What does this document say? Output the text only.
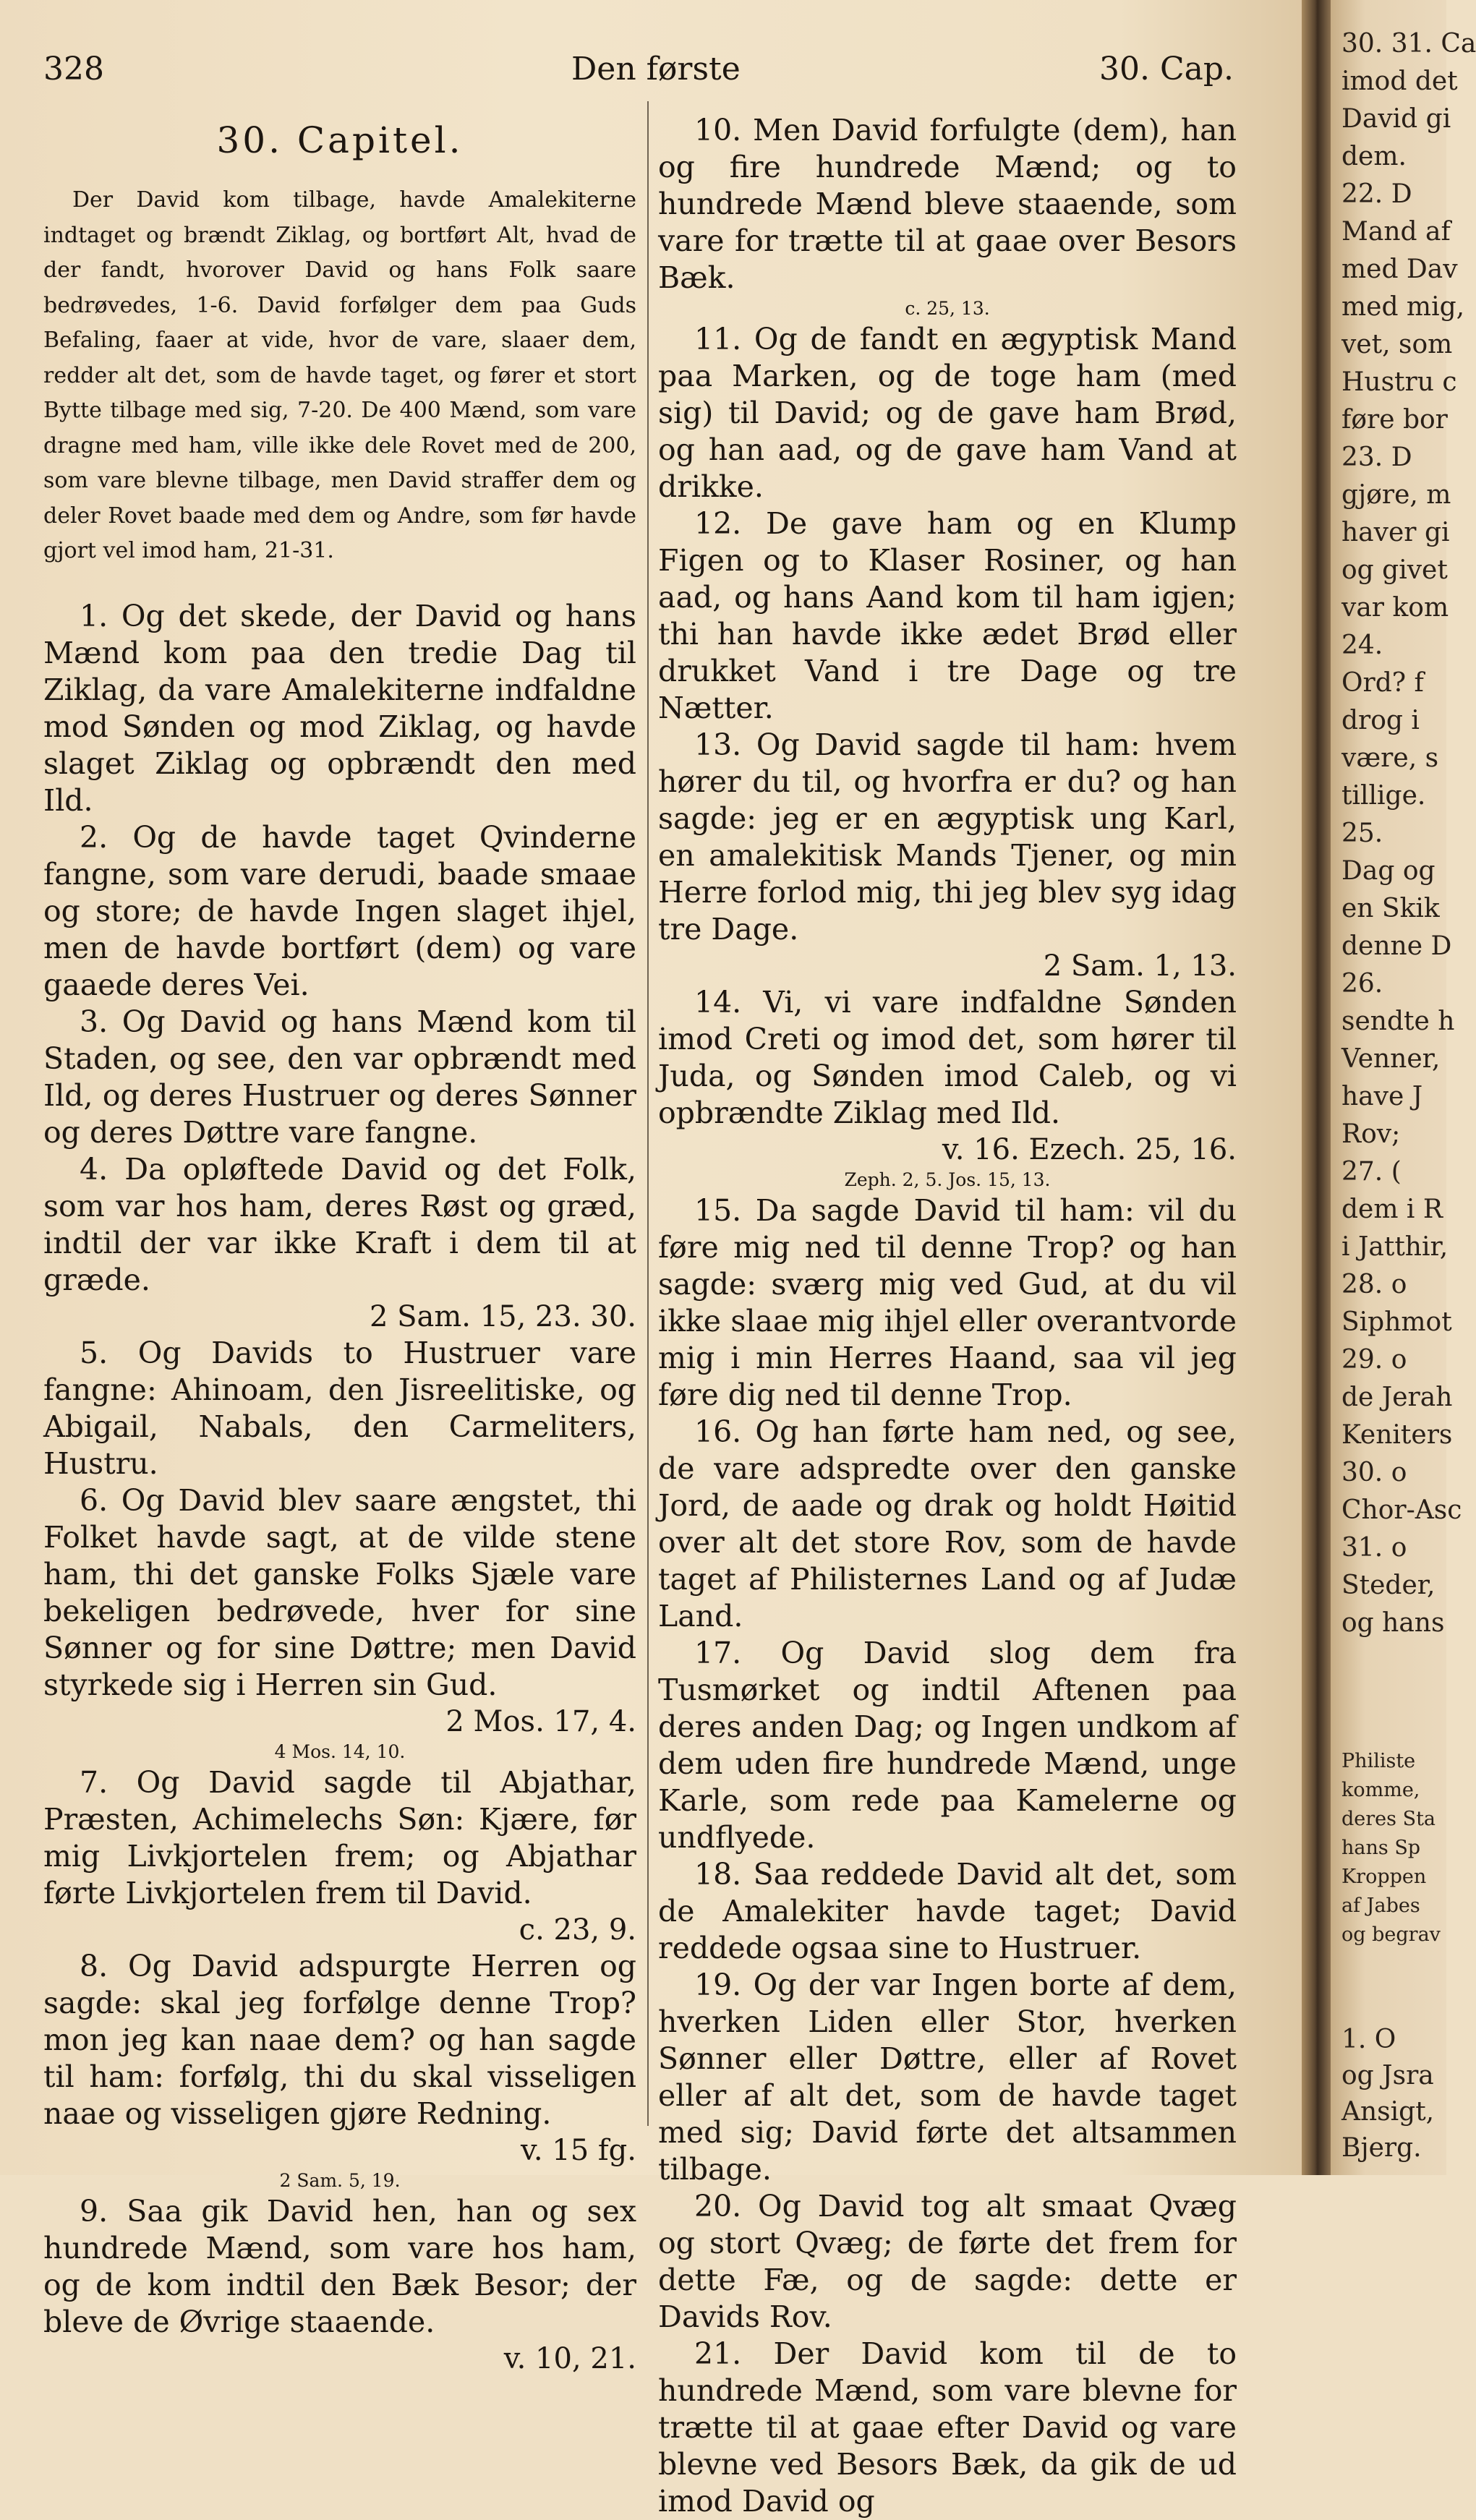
328	Den første	30. Cap.
30. Capitel.
Der David kom tilbage, havde Amalekiterne indtaget og brændt Ziklag, og bortført Alt, hvad de der fandt, hvorover David og hans Folk saare bedrøvedes, 1-6. David forfølger dem paa Guds Befaling, faaer at vide, hvor de vare, slaaer dem, redder alt det, som de havde taget, og fører et stort Bytte tilbage med sig, 7-20. De 400 Mænd, som vare dragne med ham, ville ikke dele Rovet med de 200, som vare blevne tilbage, men David straffer dem og deler Rovet baade med dem og Andre, som før havde gjort vel imod ham, 21-31.

1. Og det skede, der David og hans Mænd kom paa den tredie Dag til Ziklag, da vare Amalekiterne indfaldne mod Sønden og mod Ziklag, og havde slaget Ziklag og opbrændt den med Ild.

2. Og de havde taget Qvinderne fangne, som vare derudi, baade smaae og store; de havde Ingen slaget ihjel, men de havde bortført (dem) og vare gaaede deres Vei.

3. Og David og hans Mænd kom til Staden, og see, den var opbrændt med Ild, og deres Hustruer og deres Sønner og deres Døttre vare fangne.

4. Da opløftede David og det Folk, som var hos ham, deres Røst og græd, indtil der var ikke Kraft i dem til at græde.

2 Sam. 15, 23. 30.

5. Og Davids to Hustruer vare fangne: Ahinoam, den Jisreelitiske, og Abigail, Nabals, den Carmeliters, Hustru.

6. Og David blev saare ængstet, thi Folket havde sagt, at de vilde stene ham, thi det ganske Folks Sjæle vare bekeligen bedrøvede, hver for sine Sønner og for sine Døttre; men David styrkede sig i Herren sin Gud.

2 Mos. 17, 4.

4 Mos. 14, 10.

7. Og David sagde til Abjathar, Præsten, Achimelechs Søn: Kjære, før mig Livkjortelen frem; og Abjathar førte Livkjortelen frem til David.

c. 23, 9.

8. Og David adspurgte Herren og sagde: skal jeg forfølge denne Trop? mon jeg kan naae dem? og han sagde til ham: forfølg, thi du skal visseligen naae og visseligen gjøre Redning.

v. 15 fg.

2 Sam. 5, 19.

9. Saa gik David hen, han og sex hundrede Mænd, som vare hos ham, og de kom indtil den Bæk Besor; der bleve de Øvrige staaende.

v. 10, 21.

10. Men David forfulgte (dem), han og fire hundrede Mænd; og to hundrede Mænd bleve staaende, som vare for trætte til at gaae over Besors Bæk.

c. 25, 13.

11. Og de fandt en ægyptisk Mand paa Marken, og de toge ham (med sig) til David; og de gave ham Brød, og han aad, og de gave ham Vand at drikke.

12. De gave ham og en Klump Figen og to Klaser Rosiner, og han aad, og hans Aand kom til ham igjen; thi han havde ikke ædet Brød eller drukket Vand i tre Dage og tre Nætter.

13. Og David sagde til ham: hvem hører du til, og hvorfra er du? og han sagde: jeg er en ægyptisk ung Karl, en amalekitisk Mands Tjener, og min Herre forlod mig, thi jeg blev syg idag tre Dage.

2 Sam. 1, 13.

14. Vi, vi vare indfaldne Sønden imod Creti og imod det, som hører til Juda, og Sønden imod Caleb, og vi opbrændte Ziklag med Ild.

v. 16. Ezech. 25, 16.

Zeph. 2, 5. Jos. 15, 13.

15. Da sagde David til ham: vil du føre mig ned til denne Trop? og han sagde: sværg mig ved Gud, at du vil ikke slaae mig ihjel eller overantvorde mig i min Herres Haand, saa vil jeg føre dig ned til denne Trop.

16. Og han førte ham ned, og see, de vare adspredte over den ganske Jord, de aade og drak og holdt Høitid over alt det store Rov, som de havde taget af Philisternes Land og af Judæ Land.

17. Og David slog dem fra Tusmørket og indtil Aftenen paa deres anden Dag; og Ingen undkom af dem uden fire hundrede Mænd, unge Karle, som rede paa Kamelerne og undflyede.

18. Saa reddede David alt det, som de Amalekiter havde taget; David reddede ogsaa sine to Hustruer.

19. Og der var Ingen borte af dem, hverken Liden eller Stor, hverken Sønner eller Døttre, eller af Rovet eller af alt det, som de havde taget med sig; David førte det altsammen tilbage.

20. Og David tog alt smaat Qvæg og stort Qvæg; de førte det frem for dette Fæ, og de sagde: dette er Davids Rov.

21. Der David kom til de to hundrede Mænd, som vare blevne for trætte til at gaae efter David og vare blevne ved Besors Bæk, da gik de ud imod David og

30. 31. Ca
imod det
David gi
dem.
22. D
Mand af
med Dav
med mig,
vet, som
Hustru c
føre bor
23. D
gjøre, m
haver gi
og givet
var kom
24.
Ord? f
drog i
være, s
tillige.
25.
Dag og
en Skik
denne D
26.
sendte h
Venner,
have J
Rov;
27. (
dem i R
i Jatthir,
28. o
Siphmot
29. o
de Jerah
Keniters
30. o
Chor-Asc
31. o
Steder,
og hans
Philiste
komme,
deres Sta
hans Sp
Kroppen
af Jabes
og begrav
1. O
og Jsra
Ansigt,
Bjerg.
